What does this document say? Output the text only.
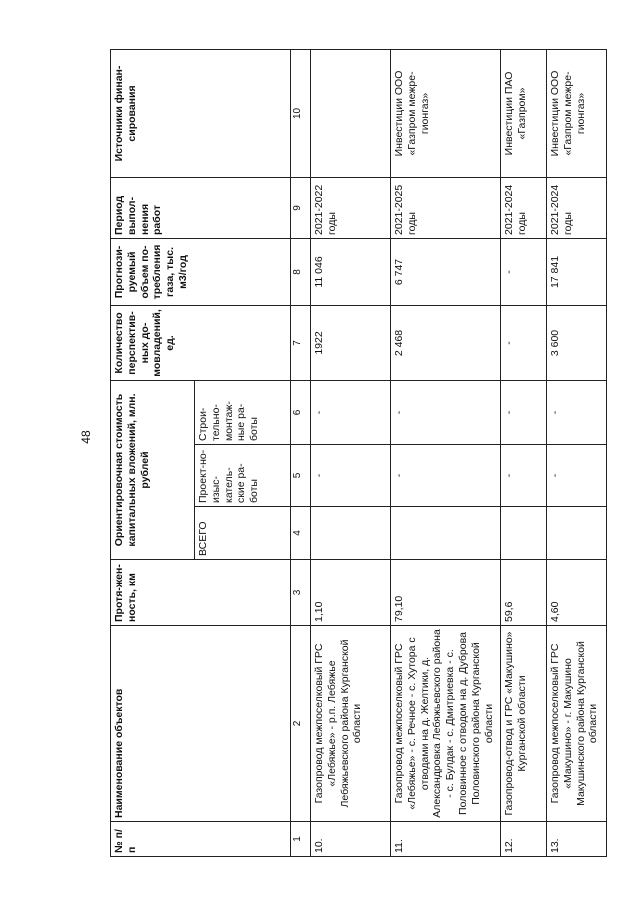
48
№ п/п	Наименование объектов	Протя-жен-ность, км	Ориентировочная стоимость капитальных вложений, млн. рублей			Количество перспектив-ных до-мовладений, ед.	Прогнози-руемый объем по-требления газа, тыс. м3/год	Период выпол-нения работ	Источники финан-сирования
			ВСЕГО	Проект-но-изыс-катель-ские ра-боты	Строи-тельно-монтаж-ные ра-боты				
1	2	3	4	5	6	7	8	9	10
10.	Газопровод межпоселковый ГРС «Лебяжье» - р.п. Лебяжье Лебяжьевского района Курганской области	1,10		-	-	1922	11 046	2021-2022 годы	
11.	Газопровод межпоселковый ГРС «Лебяжье» - с. Речное - с. Хутора с отводами на д. Желтики, д. Александровка Лебяжьевского района - с. Булдак - с. Дмитриевка - с. Половинное с отводом на д. Дуброва Половинского района Курганской области	79,10		-	-	2 468	6 747	2021-2025 годы	Инвестиции ООО «Газпром межре-гионгаз»
12.	Газопровод-отвод и ГРС «Макушино» Курганской области	59,6		-	-	-	-	2021-2024 годы	Инвестиции ПАО «Газпром»
13.	Газопровод межпоселковый ГРС «Макушино» - г. Макушино Макушинского района Курганской области	4,60		-	-	3 600	17 841	2021-2024 годы	Инвестиции ООО «Газпром межре-гионгаз»
